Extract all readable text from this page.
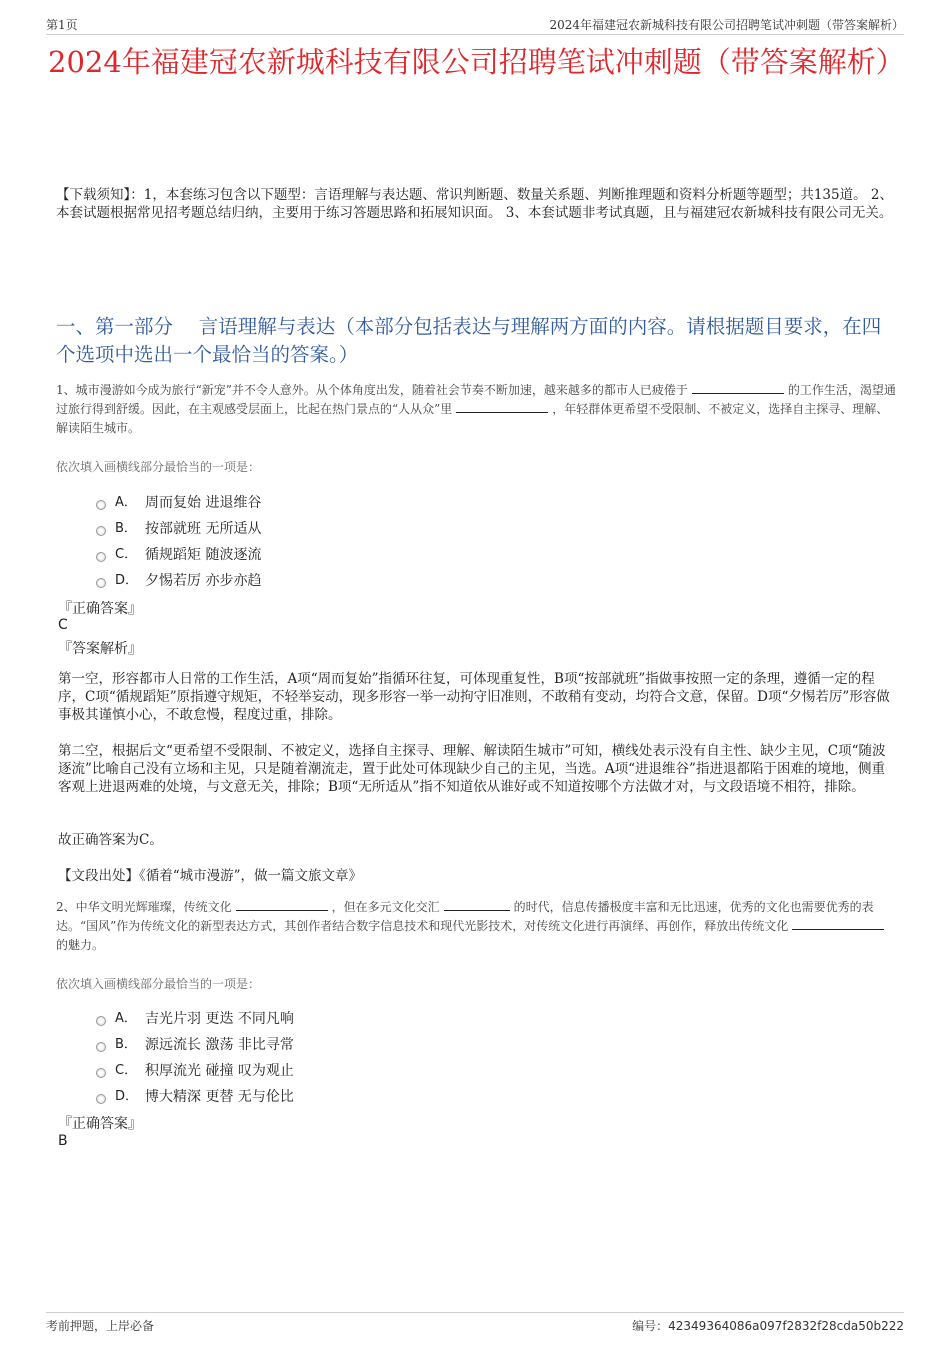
第1页	2024年福建冠农新城科技有限公司招聘笔试冲刺题（带答案解析）
2024年福建冠农新城科技有限公司招聘笔试冲刺题（带答案解析）
【下载须知】：1，本套练习包含以下题型：言语理解与表达题、常识判断题、数量关系题、判断推理题和资料分析题等题型；共135道。 2、本套试题根据常见招考题总结归纳，主要用于练习答题思路和拓展知识面。 3、本套试题非考试真题，且与福建冠农新城科技有限公司无关。
一、第一部分　 言语理解与表达（本部分包括表达与理解两方面的内容。请根据题目要求，在四个选项中选出一个最恰当的答案。）
1、城市漫游如今成为旅行“新宠”并不令人意外。从个体角度出发，随着社会节奏不断加速，越来越多的都市人已疲倦于	的工作生活，渴望通过旅行得到舒缓。因此，在主观感受层面上，比起在热门景点的“人从众”里	，年轻群体更希望不受限制、不被定义，选择自主探寻、理解、解读陌生城市。
依次填入画横线部分最恰当的一项是：
A． 周而复始 进退维谷
B． 按部就班 无所适从
C． 循规蹈矩 随波逐流
D． 夕惕若厉 亦步亦趋
『正确答案』
C
『答案解析』
第一空，形容都市人日常的工作生活，A项“周而复始”指循环往复，可体现重复性，B项“按部就班”指做事按照一定的条理，遵循一定的程序，C项“循规蹈矩”原指遵守规矩，不轻举妄动，现多形容一举一动拘守旧准则，不敢稍有变动，均符合文意，保留。D项“夕惕若厉”形容做事极其谨慎小心，不敢怠慢，程度过重，排除。
第二空，根据后文“更希望不受限制、不被定义，选择自主探寻、理解、解读陌生城市”可知，横线处表示没有自主性、缺少主见，C项“随波逐流”比喻自己没有立场和主见，只是随着潮流走，置于此处可体现缺少自己的主见，当选。A项“进退维谷”指进退都陷于困难的境地，侧重客观上进退两难的处境，与文意无关，排除；B项“无所适从”指不知道依从谁好或不知道按哪个方法做才对，与文段语境不相符，排除。
故正确答案为C。
【文段出处】《循着“城市漫游”，做一篇文旅文章》
2、中华文明光辉璀璨，传统文化	，但在多元文化交汇	的时代，信息传播极度丰富和无比迅速，优秀的文化也需要优秀的表达。“国风”作为传统文化的新型表达方式，其创作者结合数字信息技术和现代光影技术，对传统文化进行再演绎、再创作，释放出传统文化的魅力。
依次填入画横线部分最恰当的一项是：
A． 吉光片羽 更迭 不同凡响
B． 源远流长 激荡 非比寻常
C． 积厚流光 碰撞 叹为观止
D． 博大精深 更替 无与伦比
『正确答案』
B
考前押题，上岸必备	编号：42349364086a097f2832f28cda50b222
